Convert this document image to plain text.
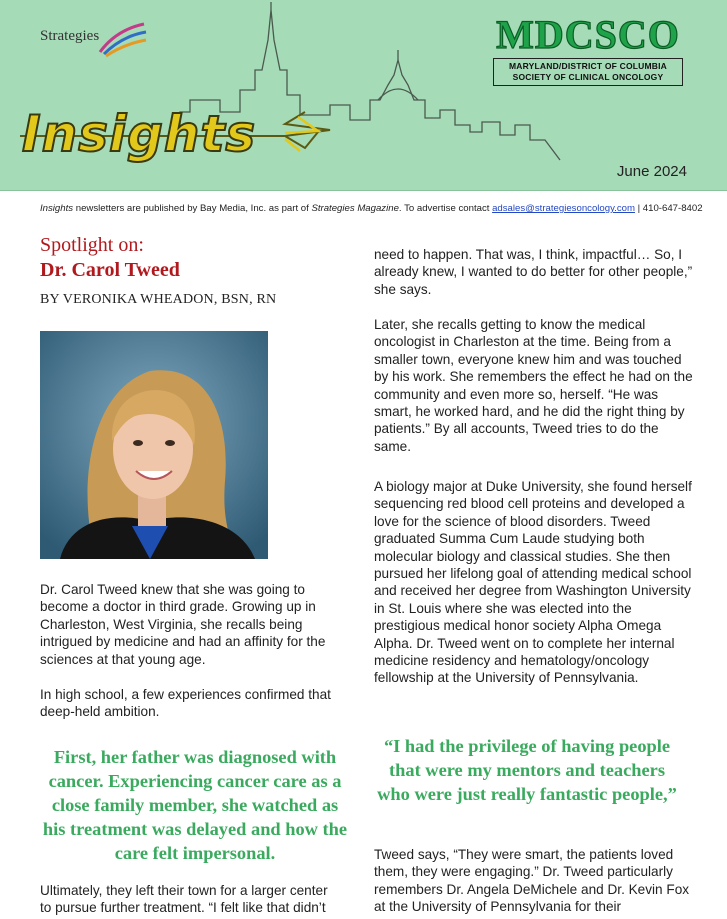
Strategies
Insights
MDCSCO
MARYLAND/DISTRICT OF COLUMBIA
SOCIETY OF CLINICAL ONCOLOGY
June 2024
Insights newsletters are published by Bay Media, Inc. as part of Strategies Magazine. To advertise contact adsales@strategiesoncology.com | 410-647-8402
Spotlight on:
Dr. Carol Tweed
BY VERONIKA WHEADON, BSN, RN

Dr. Carol Tweed knew that she was going to become a doctor in third grade. Growing up in Charleston, West Virginia, she recalls being intrigued by medicine and had an affinity for the sciences at that young age.

In high school, a few experiences confirmed that deep-held ambition.

First, her father was diagnosed with cancer. Experiencing cancer care as a close family member, she watched as his treatment was delayed and how the care felt impersonal.

Ultimately, they left their town for a larger center to pursue further treatment. “I felt like that didn’t

need to happen. That was, I think, impactful… So, I already knew, I wanted to do better for other people,” she says.

Later, she recalls getting to know the medical oncologist in Charleston at the time. Being from a smaller town, everyone knew him and was touched by his work. She remembers the effect he had on the community and even more so, herself. “He was smart, he worked hard, and he did the right thing by patients.” By all accounts, Tweed tries to do the same.

A biology major at Duke University, she found herself sequencing red blood cell proteins and developed a love for the science of blood disorders. Tweed graduated Summa Cum Laude studying both molecular biology and classical studies. She then pursued her lifelong goal of attending medical school and received her degree from Washington University in St. Louis where she was elected into the prestigious medical honor society Alpha Omega Alpha. Dr. Tweed went on to complete her internal medicine residency and hematology/oncology fellowship at the University of Pennsylvania.

“I had the privilege of having people that were my mentors and teachers who were just really fantastic people,”

Tweed says, “They were smart, the patients loved them, they were engaging.” Dr. Tweed particularly remembers Dr. Angela DeMichele and Dr. Kevin Fox at the University of Pennsylvania for their
